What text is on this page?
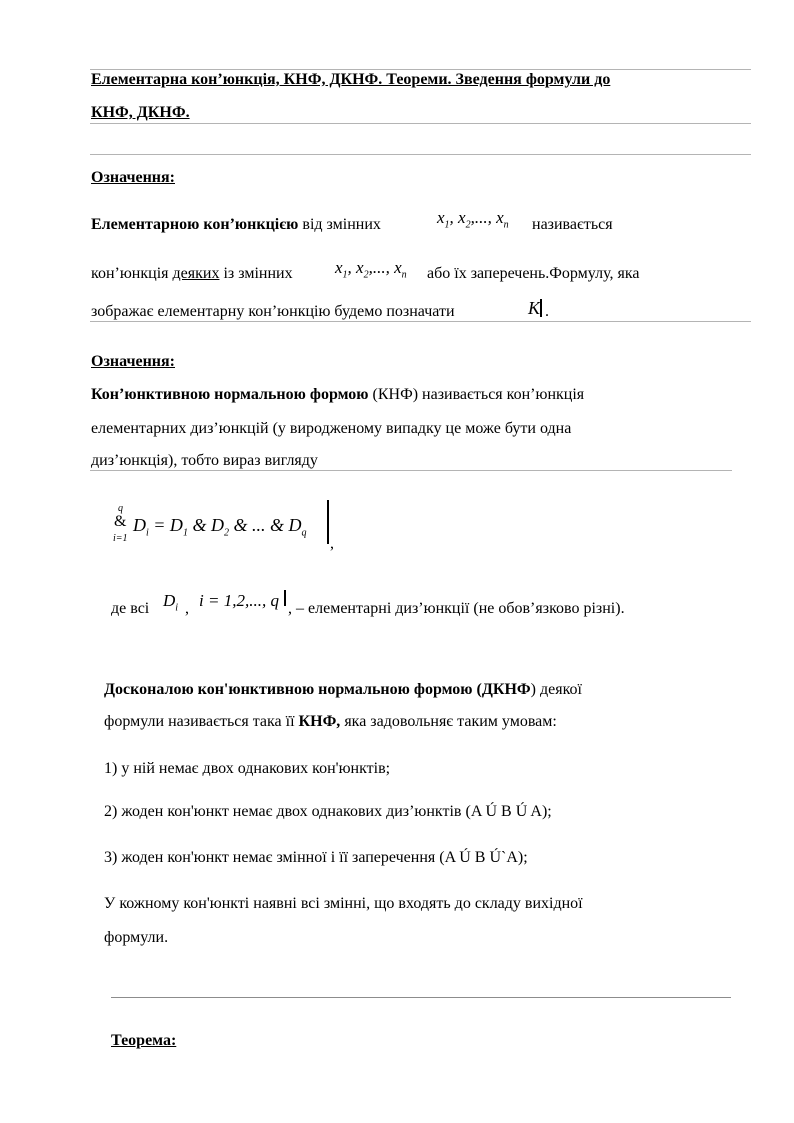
Елементарна кон’юнкція, КНФ, ДКНФ. Теореми. Зведення формули до
КНФ, ДКНФ.
Означення:
Елементарною кон’юнкцією від змінних	$x_1$, $x_2$,..., $x_n$ називається
кон’юнкція деяких із змінних $x_1$, $x_2$,..., $x_n$ або їх заперечень.Формулу, яка
зображає елементарну кон’юнкцію будемо позначати	K .
Означення:
Кон’юнктивною нормальною формою (КНФ) називається кон’юнкція
елементарних диз’юнкцій (у виродженому випадку це може бути одна
диз’юнкція), тобто вираз вигляду
q
&
i=1
$D_i = D_1$ & $D_2$ & ... & $D_q$
,
де всі $D_i$ , i = 1,2,..., q , – елементарні диз’юнкції (не обов’язково різні).
Досконалою кон'юнктивною нормальною формою (ДКНФ) деякої
формули називається така її КНФ, яка задовольняє таким умовам:
1) у ній немає двох однакових кон'юнктів;
2) жоден кон'юнкт немає двох однакових диз’юнктів (A Ú B Ú A);
3) жоден кон'юнкт немає змінної і її заперечення (A Ú B Ú`A);
У кожному кон'юнкті наявні всі змінні, що входять до складу вихідної
формули.
Теорема:
